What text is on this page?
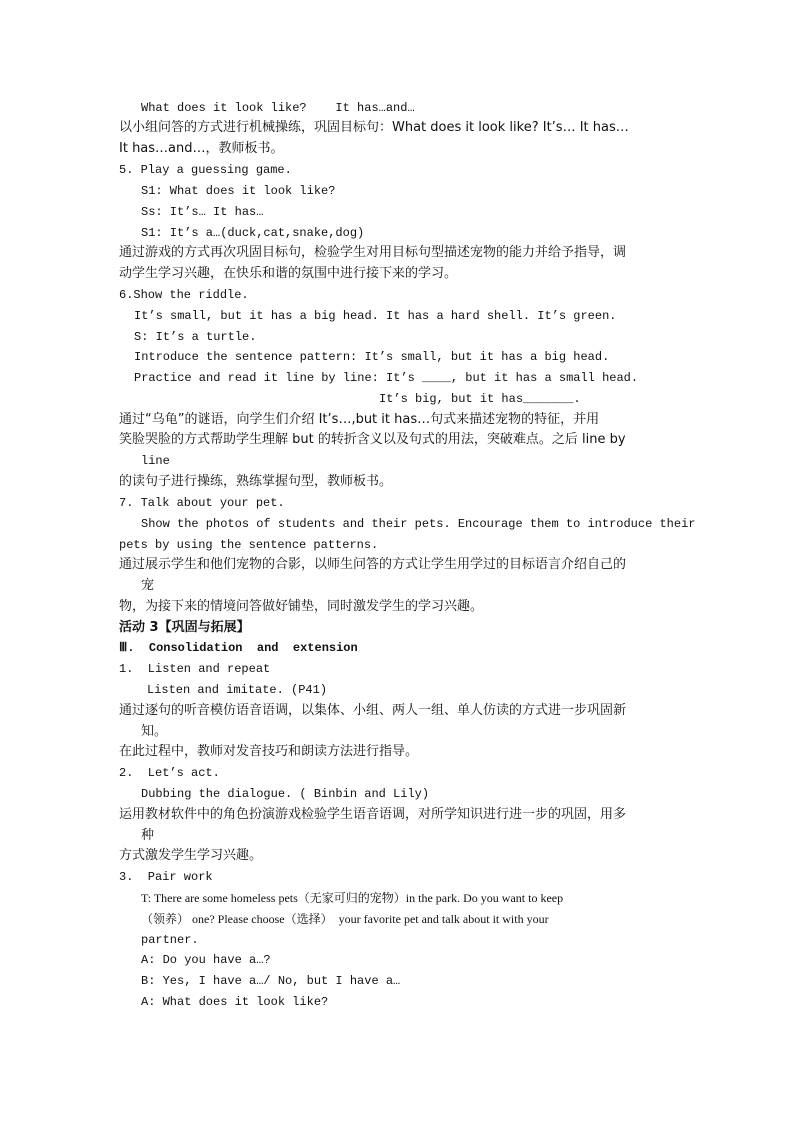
What does it look like?    It has…and…
以小组问答的方式进行机械操练，巩固目标句：What does it look like? It’s… It has…
It has…and…，教师板书。
5. Play a guessing game.
S1: What does it look like?
Ss: It’s… It has…
S1: It’s a…(duck,cat,snake,dog)
通过游戏的方式再次巩固目标句，检验学生对用目标句型描述宠物的能力并给予指导，调
动学生学习兴趣，在快乐和谐的氛围中进行接下来的学习。
6.Show the riddle.
It’s small, but it has a big head. It has a hard shell. It’s green.
S: It’s a turtle.
Introduce the sentence pattern: It’s small, but it has a big head.
Practice and read it line by line: It’s ____, but it has a small head.
It’s big, but it has_______.
通过“乌龟”的谜语，向学生们介绍 It’s…,but it has…句式来描述宠物的特征，并用
笑脸哭脸的方式帮助学生理解 but 的转折含义以及句式的用法，突破难点。之后 line by
line
的读句子进行操练，熟练掌握句型，教师板书。
7. Talk about your pet.
Show the photos of students and their pets. Encourage them to introduce their
pets by using the sentence patterns.
通过展示学生和他们宠物的合影，以师生问答的方式让学生用学过的目标语言介绍自己的
宠
物，为接下来的情境问答做好铺垫，同时激发学生的学习兴趣。
活动 3【巩固与拓展】
Ⅲ.  Consolidation  and  extension
1.  Listen and repeat
Listen and imitate. (P41)
通过逐句的听音模仿语音语调，以集体、小组、两人一组、单人仿读的方式进一步巩固新
知。
在此过程中，教师对发音技巧和朗读方法进行指导。
2.  Let’s act.
Dubbing the dialogue. ( Binbin and Lily)
运用教材软件中的角色扮演游戏检验学生语音语调，对所学知识进行进一步的巩固，用多
种
方式激发学生学习兴趣。
3.  Pair work
T: There are some homeless pets（无家可归的宠物）in the park. Do you want to keep
（领养） one? Please choose（选择）  your favorite pet and talk about it with your
partner.
A: Do you have a…?
B: Yes, I have a…/ No, but I have a…
A: What does it look like?
